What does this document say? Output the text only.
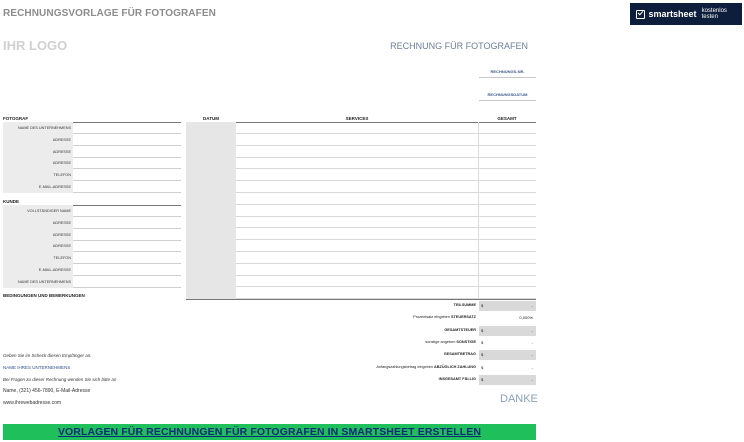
RECHNUNGSVORLAGE FÜR FOTOGRAFEN	smartsheet kostenlos testen
IHR LOGO	RECHNUNG FÜR FOTOGRAFEN
RECHNUNGS-NR.
RECHNUNGSDATUM
FOTOGRAF
NAME DES UNTERNEHMENS
ADRESSE
ADRESSE
ADRESSE
TELEFON
E-MAIL-ADRESSE
KUNDE
VOLLSTÄNDIGER NAME
ADRESSE
ADRESSE
ADRESSE
TELEFON
E-MAIL-ADRESSE
NAME DES UNTERNEHMENS
BEDINGUNGEN UND BEMERKUNGEN
DATUM	SERVICES	GESAMT
TEILSUMME $	-
Prozentsatz eingeben STEUERSATZ	0,000%
GESAMTSTEUER $	-
sonstige angeben SONSTIGE $	-
GESAMTBETRAG $	-
Anfangszahlungsbetrag eingeben ABZÜGLICH ZAHLUNG $	-
INSGESAMT FÄLLIG $	-
Geben Sie im Scheck diesen Empfänger an:
NAME IHRES UNTERNEHMENS
Bei Fragen zu dieser Rechnung wenden Sie sich bitte an
Name, (321) 456-7890, E-Mail-Adresse
www.ihrewebadresse.com	DANKE
VORLAGEN FÜR RECHNUNGEN FÜR FOTOGRAFEN IN SMARTSHEET ERSTELLEN
